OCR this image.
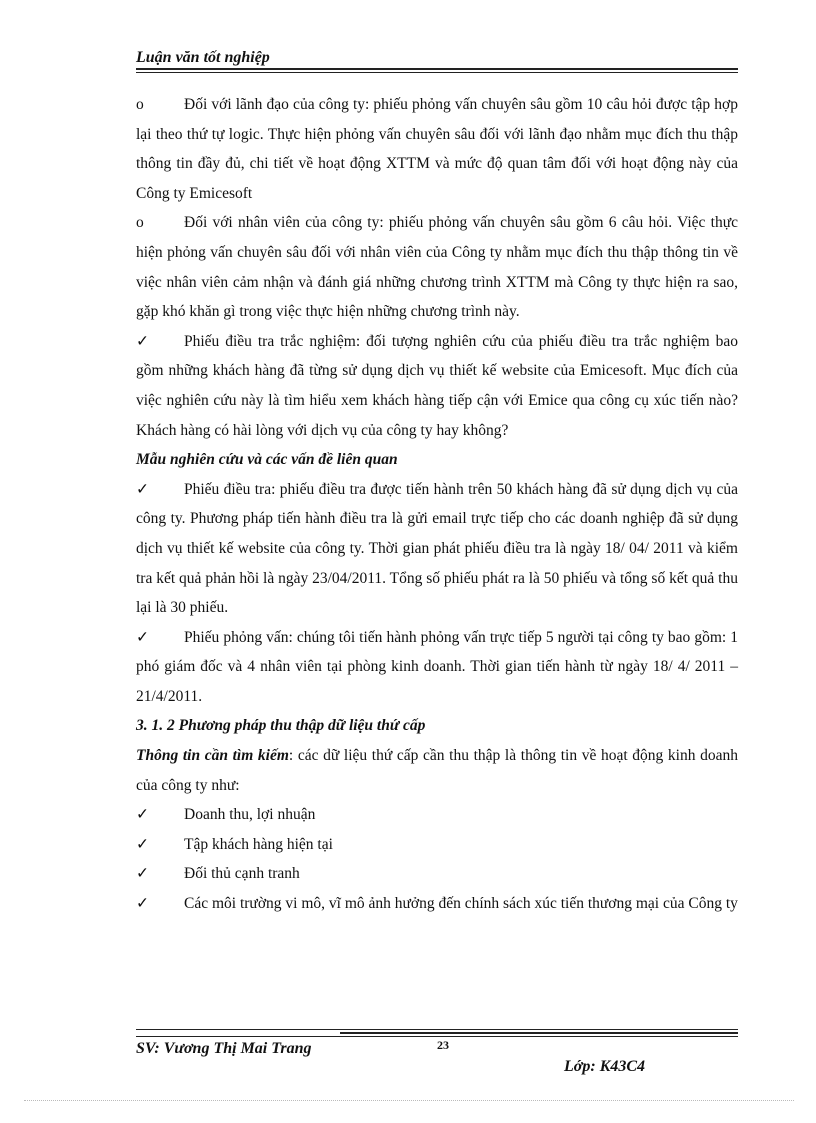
Luận văn tốt nghiệp

o	Đối với lãnh đạo của công ty: phiếu phỏng vấn chuyên sâu gồm 10 câu hỏi được tập hợp lại theo thứ tự logic. Thực hiện phỏng vấn chuyên sâu đối với lãnh đạo nhằm mục đích thu thập thông tin đầy đủ, chi tiết về hoạt động XTTM và mức độ quan tâm đối với hoạt động này của Công ty Emicesoft

o	Đối với nhân viên của công ty: phiếu phỏng vấn chuyên sâu gồm 6 câu hỏi. Việc thực hiện phỏng vấn chuyên sâu đối với nhân viên của Công ty nhằm mục đích thu thập thông tin về việc nhân viên cảm nhận và đánh giá những chương trình XTTM mà Công ty thực hiện ra sao, gặp khó khăn gì trong việc thực hiện những chương trình này.

✓	Phiếu điều tra trắc nghiệm: đối tượng nghiên cứu của phiếu điều tra trắc nghiệm bao gồm những khách hàng đã từng sử dụng dịch vụ thiết kế website của Emicesoft. Mục đích của việc nghiên cứu này là tìm hiểu xem khách hàng tiếp cận với Emice qua công cụ xúc tiến nào? Khách hàng có hài lòng với dịch vụ của công ty hay không?

Mẫu nghiên cứu và các vấn đề liên quan

✓	Phiếu điều tra: phiếu điều tra được tiến hành trên 50 khách hàng đã sử dụng dịch vụ của công ty. Phương pháp tiến hành điều tra là gửi email trực tiếp cho các doanh nghiệp đã sử dụng dịch vụ thiết kế website của công ty. Thời gian phát phiếu điều tra là ngày 18/ 04/ 2011 và kiểm tra kết quả phản hồi là ngày 23/04/2011. Tổng số phiếu phát ra là 50 phiếu và tổng số kết quả thu lại là 30 phiếu.

✓	Phiếu phỏng vấn: chúng tôi tiến hành phỏng vấn trực tiếp 5 người tại công ty bao gồm: 1 phó giám đốc và 4 nhân viên tại phòng kinh doanh. Thời gian tiến hành từ ngày 18/ 4/ 2011 – 21/4/2011.

3. 1. 2 Phương pháp thu thập dữ liệu thứ cấp

Thông tin cần tìm kiếm: các dữ liệu thứ cấp cần thu thập là thông tin về hoạt động kinh doanh của công ty như:

✓	Doanh thu, lợi nhuận

✓	Tập khách hàng hiện tại

✓	Đối thủ cạnh tranh

✓	Các môi trường vi mô, vĩ mô ảnh hưởng đến chính sách xúc tiến thương mại của Công ty

SV: Vương Thị Mai Trang	23
Lớp: K43C4
